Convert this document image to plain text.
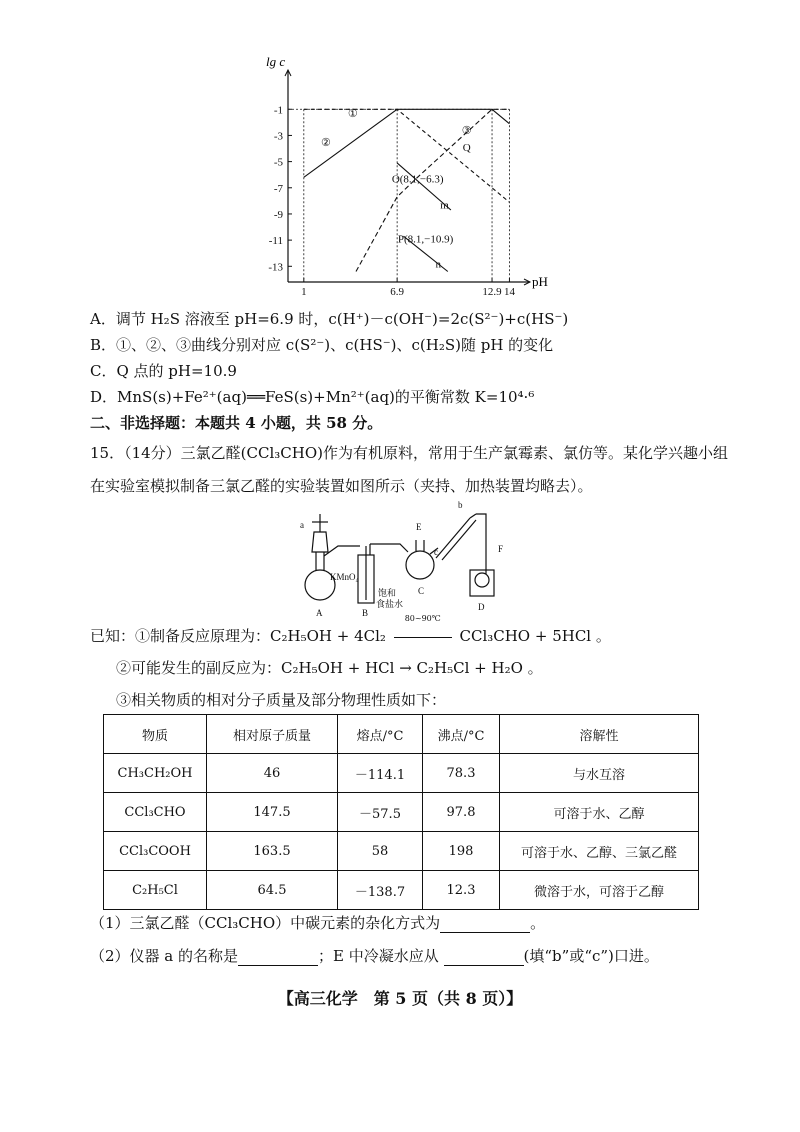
-1
-3
-5
-7
-9
-11
-13
1	6.9	12.9 14
①
②
③
Q
O(8.1,−6.3)
m
P(8.1,−10.9)
n
lg c
pH
A．调节 H₂S 溶液至 pH=6.9 时，c(H⁺)－c(OH⁻)=2c(S²⁻)+c(HS⁻)
B．①、②、③曲线分别对应 c(S²⁻)、c(HS⁻)、c(H₂S)随 pH 的变化
C．Q 点的 pH=10.9
D．MnS(s)+Fe²⁺(aq)══FeS(s)+Mn²⁺(aq)的平衡常数 K=10⁴·⁶
二、非选择题：本题共 4 小题，共 58 分。
15．（14分）三氯乙醛(CCl₃CHO)作为有机原料，常用于生产氯霉素、氯仿等。某化学兴趣小组在实验室模拟制备三氯乙醛的实验装置如图所示（夹持、加热装置均略去）。
a
KMnO₄
A	B
饱和
食盐水
C
b
E
c	F
D
已知：①制备反应原理为：C₂H₅OH + 4Cl₂
80~90℃
CCl₃CHO + 5HCl 。
②可能发生的副反应为：C₂H₅OH + HCl → C₂H₅Cl + H₂O 。
③相关物质的相对分子质量及部分物理性质如下：
物质	相对原子质量	熔点/°C	沸点/°C	溶解性
CH₃CH₂OH	46	－114.1	78.3	与水互溶
CCl₃CHO	147.5	－57.5	97.8	可溶于水、乙醇
CCl₃COOH	163.5	58	198	可溶于水、乙醇、三氯乙醛
C₂H₅Cl	64.5	－138.7	12.3	微溶于水，可溶于乙醇
（1）三氯乙醛（CCl₃CHO）中碳元素的杂化方式为	。
（2）仪器 a 的名称是	；E 中冷凝水应从	(填“b”或“c”)口进。
【高三化学　第 5 页（共 8 页）】
